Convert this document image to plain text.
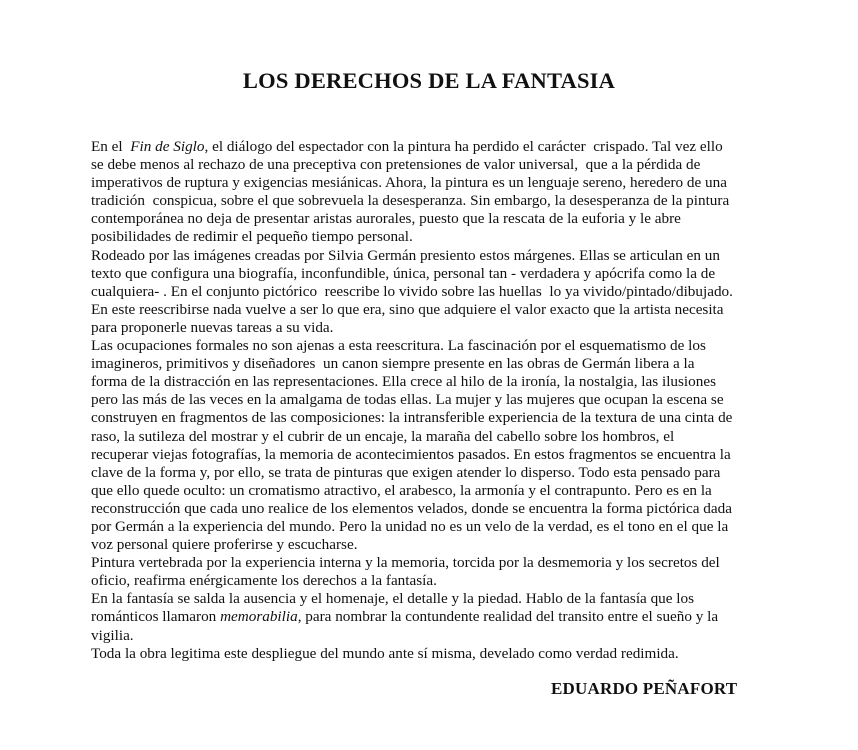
LOS DERECHOS DE LA FANTASIA

En el  Fin de Siglo, el diálogo del espectador con la pintura ha perdido el carácter  crispado. Tal vez ello
se debe menos al rechazo de una preceptiva con pretensiones de valor universal,  que a la pérdida de
imperativos de ruptura y exigencias mesiánicas. Ahora, la pintura es un lenguaje sereno, heredero de una
tradición  conspicua, sobre el que sobrevuela la desesperanza. Sin embargo, la desesperanza de la pintura
contemporánea no deja de presentar aristas aurorales, puesto que la rescata de la euforia y le abre
posibilidades de redimir el pequeño tiempo personal.

Rodeado por las imágenes creadas por Silvia Germán presiento estos márgenes. Ellas se articulan en un
texto que configura una biografía, inconfundible, única, personal tan - verdadera y apócrifa como la de
cualquiera- . En el conjunto pictórico  reescribe lo vivido sobre las huellas  lo ya vivido/pintado/dibujado.
En este reescribirse nada vuelve a ser lo que era, sino que adquiere el valor exacto que la artista necesita
para proponerle nuevas tareas a su vida.

Las ocupaciones formales no son ajenas a esta reescritura. La fascinación por el esquematismo de los
imagineros, primitivos y diseñadores  un canon siempre presente en las obras de Germán libera a la
forma de la distracción en las representaciones. Ella crece al hilo de la ironía, la nostalgia, las ilusiones
pero las más de las veces en la amalgama de todas ellas. La mujer y las mujeres que ocupan la escena se
construyen en fragmentos de las composiciones: la intransferible experiencia de la textura de una cinta de
raso, la sutileza del mostrar y el cubrir de un encaje, la maraña del cabello sobre los hombros, el
recuperar viejas fotografías, la memoria de acontecimientos pasados. En estos fragmentos se encuentra la
clave de la forma y, por ello, se trata de pinturas que exigen atender lo disperso. Todo esta pensado para
que ello quede oculto: un cromatismo atractivo, el arabesco, la armonía y el contrapunto. Pero es en la
reconstrucción que cada uno realice de los elementos velados, donde se encuentra la forma pictórica dada
por Germán a la experiencia del mundo. Pero la unidad no es un velo de la verdad, es el tono en el que la
voz personal quiere proferirse y escucharse.

Pintura vertebrada por la experiencia interna y la memoria, torcida por la desmemoria y los secretos del
oficio, reafirma enérgicamente los derechos a la fantasía.

En la fantasía se salda la ausencia y el homenaje, el detalle y la piedad. Hablo de la fantasía que los
románticos llamaron memorabilia, para nombrar la contundente realidad del transito entre el sueño y la
vigilia.

Toda la obra legitima este despliegue del mundo ante sí misma, develado como verdad redimida.

EDUARDO PEÑAFORT
